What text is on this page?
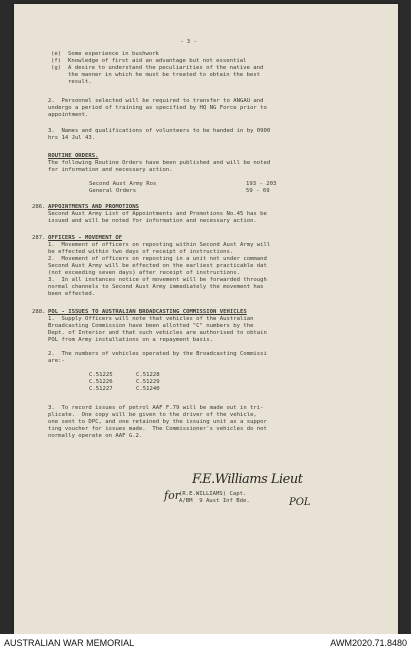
- 3 -
(e) Some experience in bushwork
(f) Knowledge of first aid an advantage but not essential
(g) A desire to understand the peculiarities of the native and
the manner in which he must be treated to obtain the best
result.
2.  Personnel selected will be required to transfer to ANGAU and
undergo a period of training as specified by HQ NG Force prior to
appointment.
3.  Names and qualifications of volunteers to be handed in by 0900
hrs 14 Jul 43.
ROUTINE ORDERS.
The following Routine Orders have been published and will be noted
for information and necessary action.
Second Aust Army Ros	193 - 203
General Orders	59 - 69
286. APPOINTMENTS AND PROMOTIONS
Second Aust Army List of Appointments and Promotions No.45 has be
issued and will be noted for information and necessary action.
287. OFFICERS - MOVEMENT OF
1.  Movement of officers on reposting within Second Aust Army will
be effected within two days of receipt of instructions.
2.  Movement of officers on reposting in a unit not under command
Second Aust Army will be effected on the earliest practicable dat
(not exceeding seven days) after receipt of instructions.
3.  In all instances notice of movement will be forwarded through
normal channels to Second Aust Army immediately the movement has
been effected.
288. POL - ISSUES TO AUSTRALIAN BROADCASTING COMMISSION VEHICLES
1.  Supply Officers will note that vehicles of the Australian
Broadcasting Commission have been allotted "C" numbers by the
Dept. of Interior and that such vehicles are authorised to obtain
POL from Army installations on a repayment basis.
2.  The numbers of vehicles operated by the Broadcasting Commissi
are:-
C.51225	C.51228
C.51226	C.51229
C.51227	C.51240
3.  To record issues of petrol AAF F.79 will be made out in tri-
plicate.  One copy will be given to the driver of the vehicle,
one sent to DPC, and one retained by the issuing unit as a suppor
ting voucher for issues made.  The Commissioner's vehicles do not
normally operate on AAF G.2.
F.E.Williams Lieut
for (R.E.WILLIAMS) Capt.
A/BM  9 Aust Inf Bde.	POL
AUSTRALIAN WAR MEMORIAL	AWM2020.71.8480
